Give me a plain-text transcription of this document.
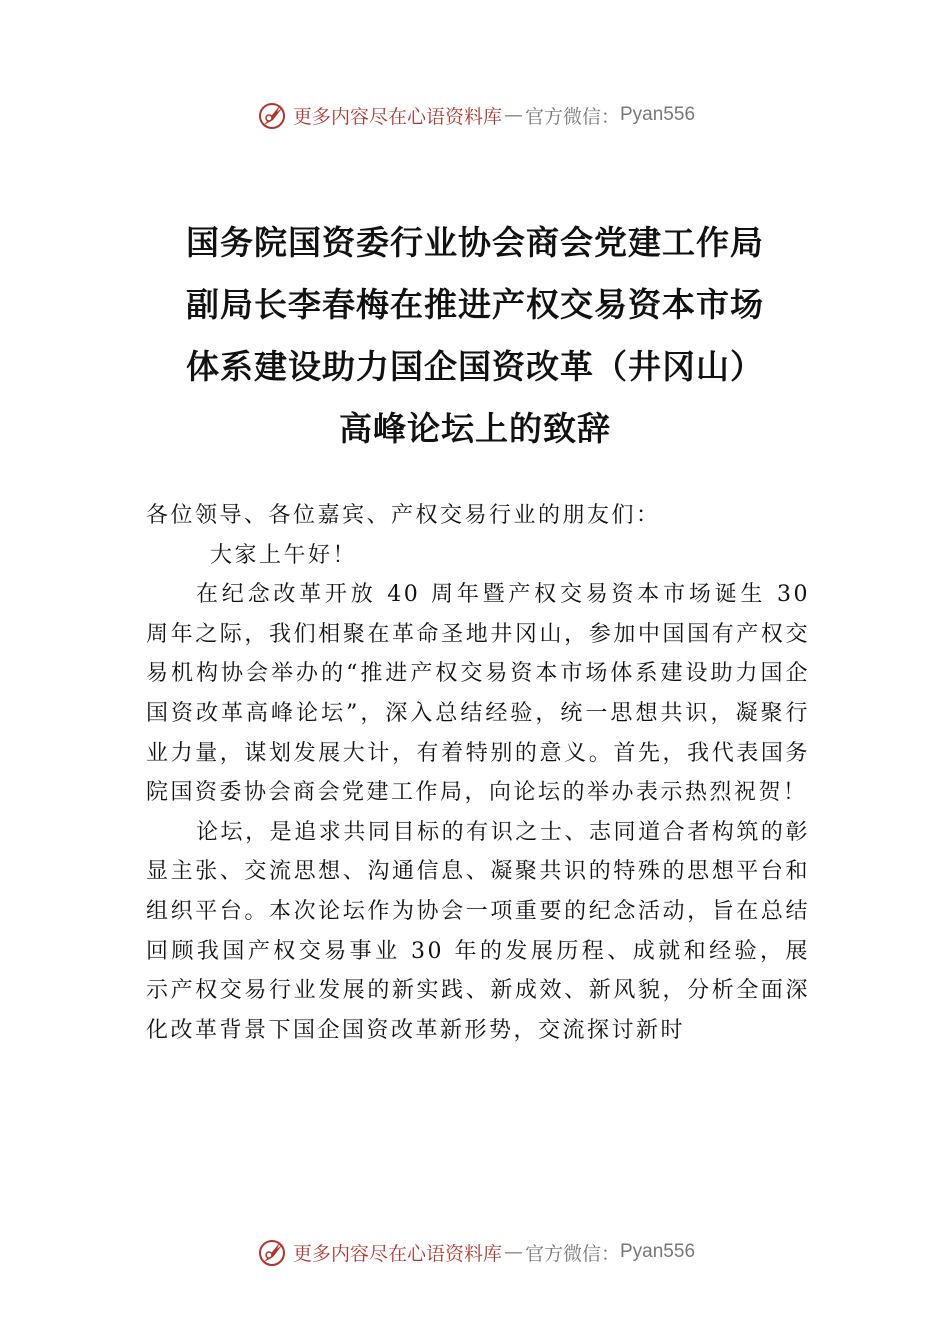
更多内容尽在心语资料库 — 官方微信： Pyan556
国务院国资委行业协会商会党建工作局
副局长李春梅在推进产权交易资本市场
体系建设助力国企国资改革（井冈山）
高峰论坛上的致辞

各位领导、各位嘉宾、产权交易行业的朋友们：

大家上午好！

在纪念改革开放 40 周年暨产权交易资本市场诞生 30 周年之际，我们相聚在革命圣地井冈山，参加中国国有产权交易机构协会举办的“推进产权交易资本市场体系建设助力国企国资改革高峰论坛”，深入总结经验，统一思想共识，凝聚行业力量，谋划发展大计，有着特别的意义。首先，我代表国务院国资委协会商会党建工作局，向论坛的举办表示热烈祝贺！

论坛，是追求共同目标的有识之士、志同道合者构筑的彰显主张、交流思想、沟通信息、凝聚共识的特殊的思想平台和组织平台。本次论坛作为协会一项重要的纪念活动，旨在总结回顾我国产权交易事业 30 年的发展历程、成就和经验，展示产权交易行业发展的新实践、新成效、新风貌，分析全面深化改革背景下国企国资改革新形势，交流探讨新时

更多内容尽在心语资料库 — 官方微信： Pyan556
